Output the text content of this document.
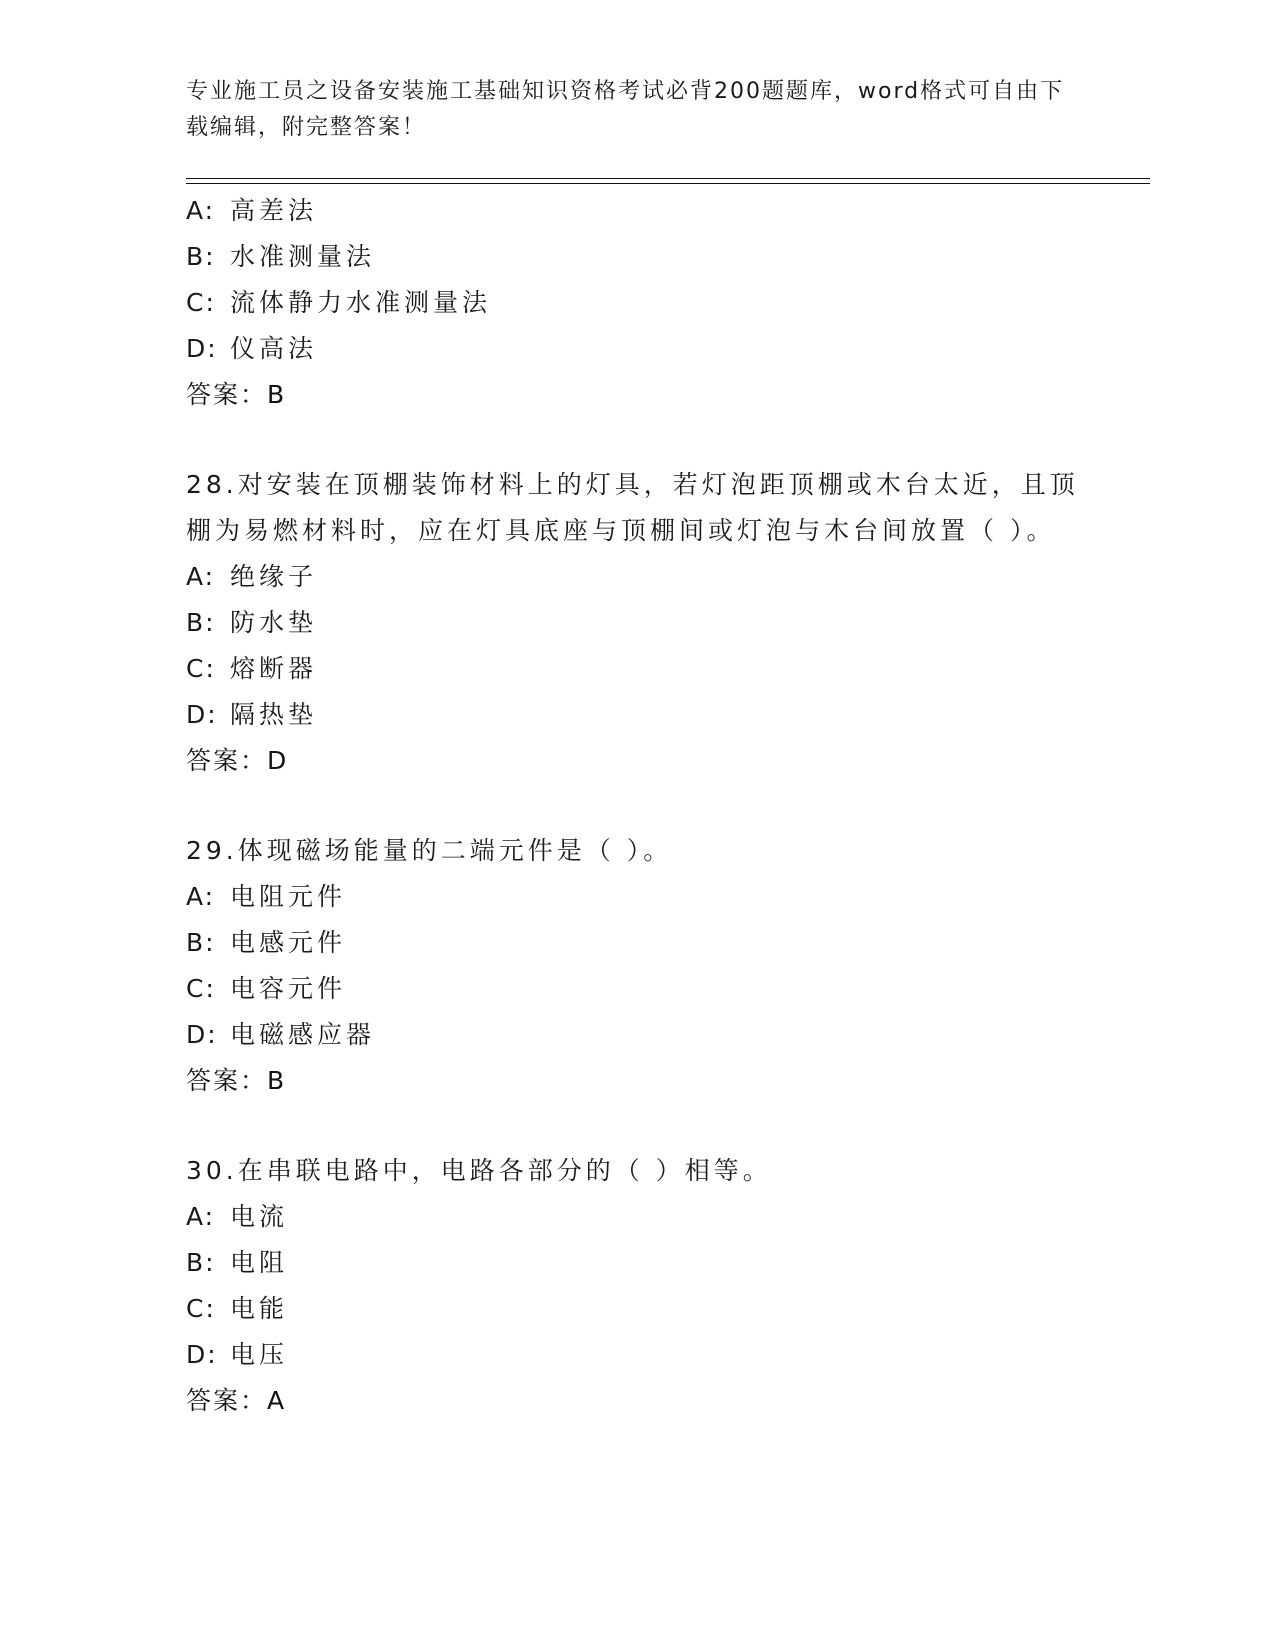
专业施工员之设备安装施工基础知识资格考试必背200题题库，word格式可自由下载编辑，附完整答案！
A: 高差法
B: 水准测量法
C: 流体静力水准测量法
D: 仪高法
答案：B
28.对安装在顶棚装饰材料上的灯具，若灯泡距顶棚或木台太近，且顶棚为易燃材料时，应在灯具底座与顶棚间或灯泡与木台间放置（ ）。
A: 绝缘子
B: 防水垫
C: 熔断器
D: 隔热垫
答案：D
29.体现磁场能量的二端元件是（ ）。
A: 电阻元件
B: 电感元件
C: 电容元件
D: 电磁感应器
答案：B
30.在串联电路中，电路各部分的（ ）相等。
A: 电流
B: 电阻
C: 电能
D: 电压
答案：A
